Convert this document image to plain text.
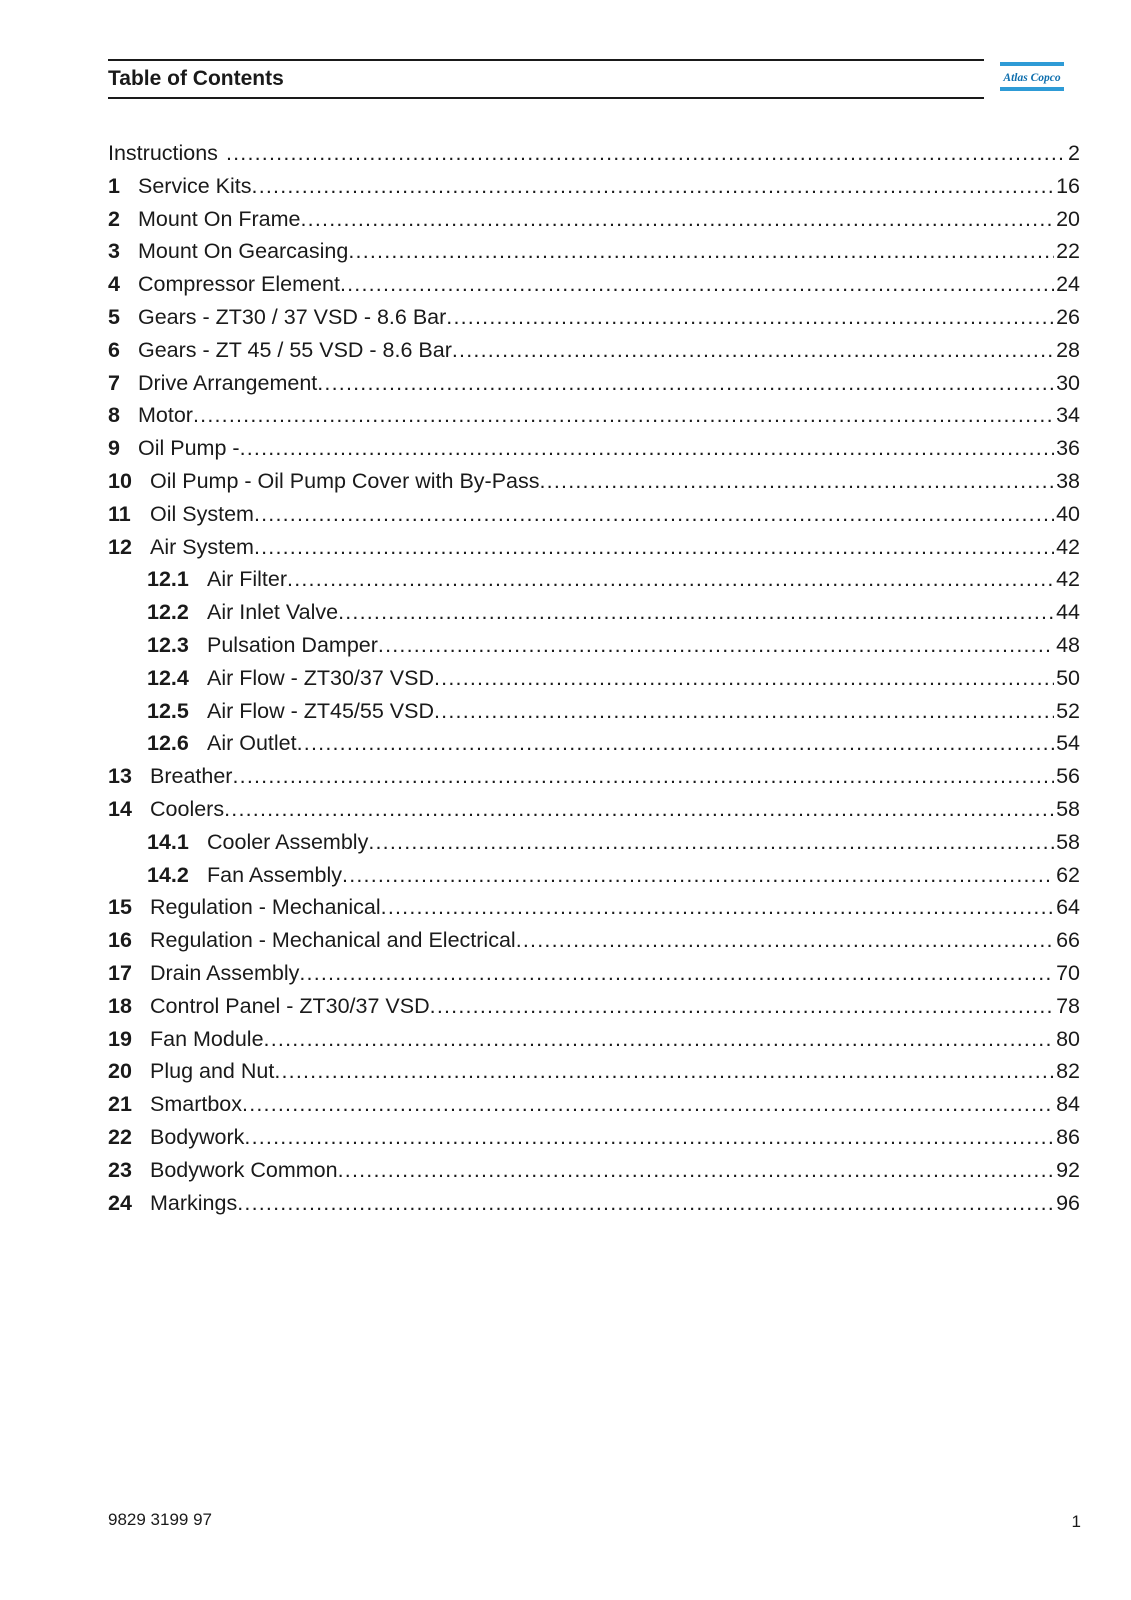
Table of Contents	Atlas Copco
Instructions .....	2
1 Service Kits .....	16
2 Mount On Frame .....	20
3 Mount On Gearcasing .....	22
4 Compressor Element .....	24
5 Gears - ZT30 / 37 VSD - 8.6 Bar .....	26
6 Gears - ZT 45 / 55 VSD - 8.6 Bar .....	28
7 Drive Arrangement .....	30
8 Motor .....	34
9 Oil Pump - .....	36
10 Oil Pump - Oil Pump Cover with By-Pass .....	38
11 Oil System .....	40
12 Air System .....	42
12.1 Air Filter .....	42
12.2 Air Inlet Valve .....	44
12.3 Pulsation Damper .....	48
12.4 Air Flow - ZT30/37 VSD .....	50
12.5 Air Flow - ZT45/55 VSD .....	52
12.6 Air Outlet .....	54
13 Breather .....	56
14 Coolers .....	58
14.1 Cooler Assembly .....	58
14.2 Fan Assembly .....	62
15 Regulation - Mechanical .....	64
16 Regulation - Mechanical and Electrical .....	66
17 Drain Assembly .....	70
18 Control Panel - ZT30/37 VSD .....	78
19 Fan Module .....	80
20 Plug and Nut .....	82
21 Smartbox .....	84
22 Bodywork .....	86
23 Bodywork Common .....	92
24 Markings .....	96
9829 3199 97	1
